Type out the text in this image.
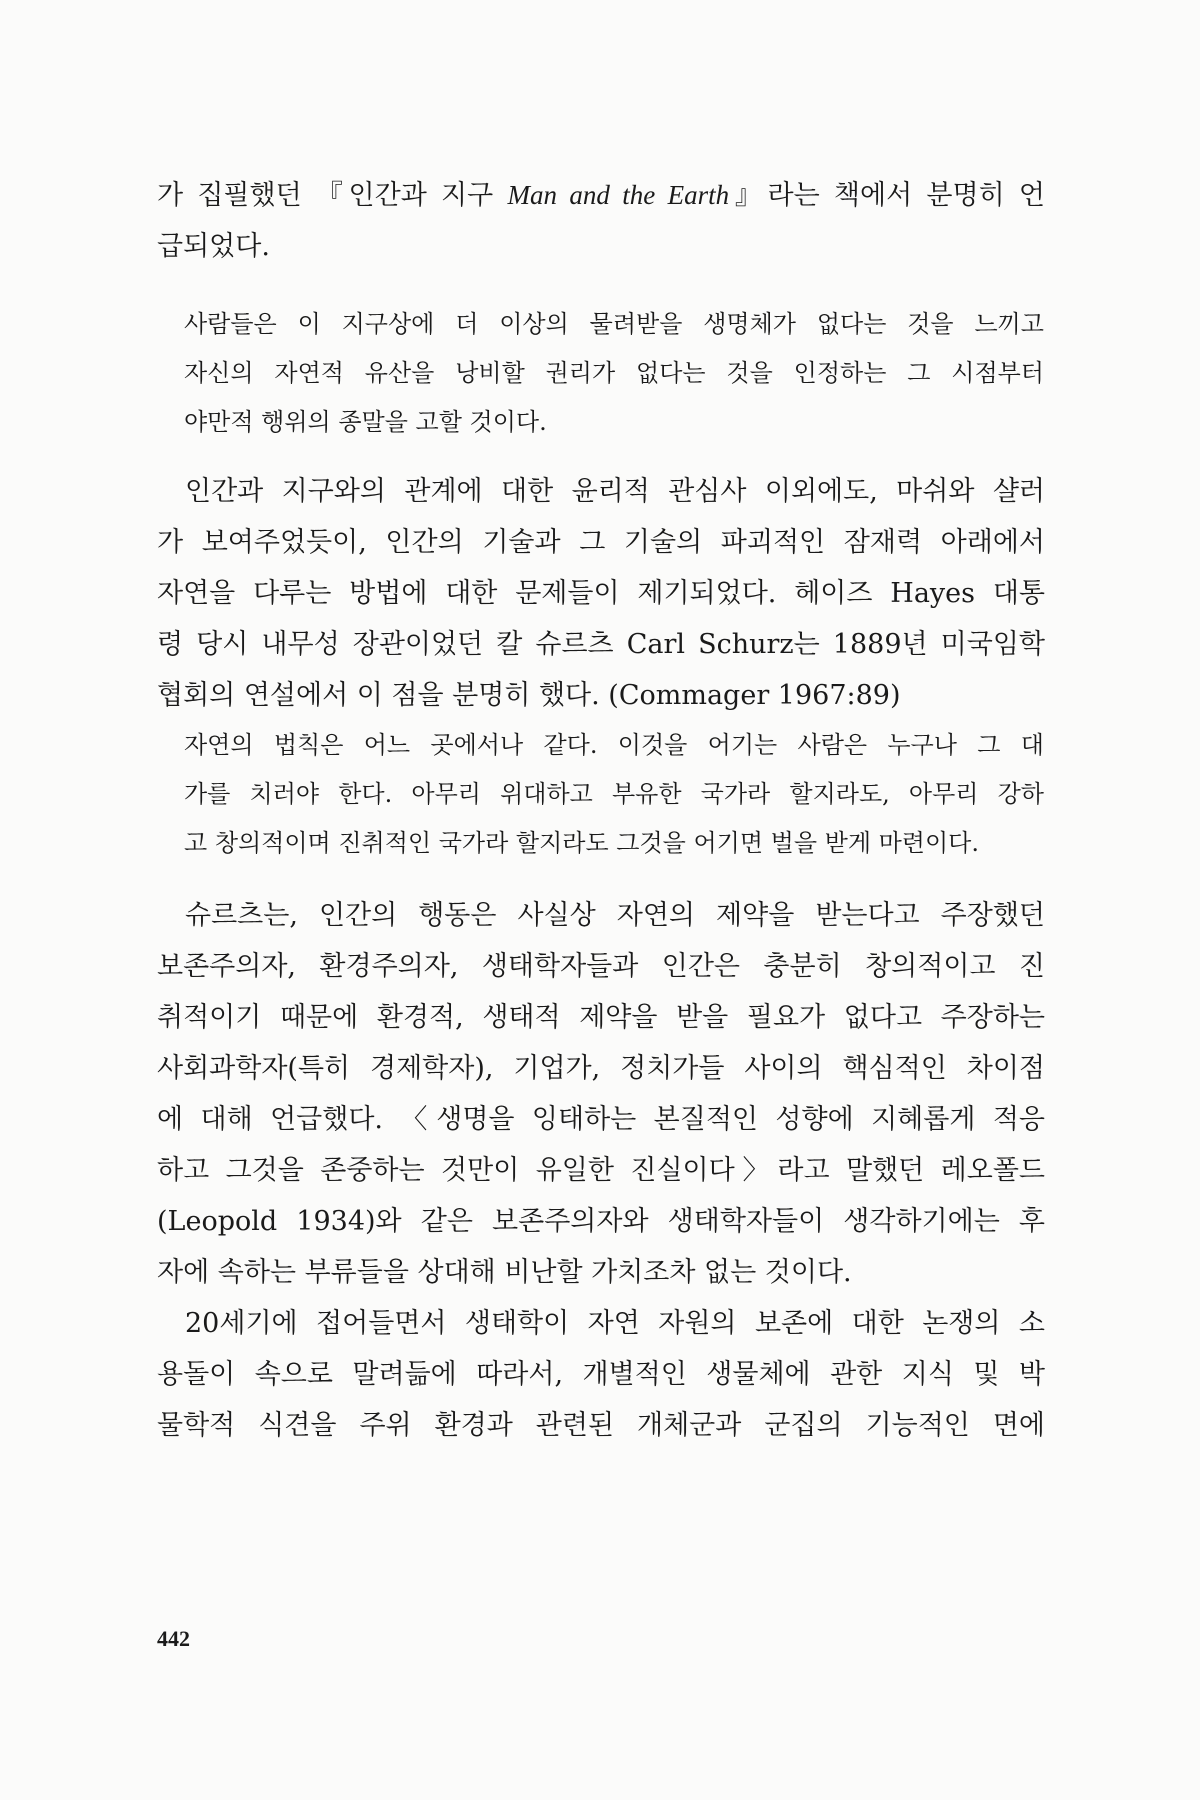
가 집필했던 『인간과 지구 Man and the Earth』라는 책에서 분명히 언
급되었다.
사람들은 이 지구상에 더 이상의 물려받을 생명체가 없다는 것을 느끼고
자신의 자연적 유산을 낭비할 권리가 없다는 것을 인정하는 그 시점부터
야만적 행위의 종말을 고할 것이다.
인간과 지구와의 관계에 대한 윤리적 관심사 이외에도, 마쉬와 샬러
가 보여주었듯이, 인간의 기술과 그 기술의 파괴적인 잠재력 아래에서
자연을 다루는 방법에 대한 문제들이 제기되었다. 헤이즈 Hayes 대통
령 당시 내무성 장관이었던 칼 슈르츠 Carl Schurz는 1889년 미국임학
협회의 연설에서 이 점을 분명히 했다. (Commager 1967:89)
자연의 법칙은 어느 곳에서나 같다. 이것을 어기는 사람은 누구나 그 대
가를 치러야 한다. 아무리 위대하고 부유한 국가라 할지라도, 아무리 강하
고 창의적이며 진취적인 국가라 할지라도 그것을 어기면 벌을 받게 마련이다.
슈르츠는, 인간의 행동은 사실상 자연의 제약을 받는다고 주장했던
보존주의자, 환경주의자, 생태학자들과 인간은 충분히 창의적이고 진
취적이기 때문에 환경적, 생태적 제약을 받을 필요가 없다고 주장하는
사회과학자(특히 경제학자), 기업가, 정치가들 사이의 핵심적인 차이점
에 대해 언급했다. 〈생명을 잉태하는 본질적인 성향에 지혜롭게 적응
하고 그것을 존중하는 것만이 유일한 진실이다〉라고 말했던 레오폴드
(Leopold 1934)와 같은 보존주의자와 생태학자들이 생각하기에는 후
자에 속하는 부류들을 상대해 비난할 가치조차 없는 것이다.
20세기에 접어들면서 생태학이 자연 자원의 보존에 대한 논쟁의 소
용돌이 속으로 말려듦에 따라서, 개별적인 생물체에 관한 지식 및 박
물학적 식견을 주위 환경과 관련된 개체군과 군집의 기능적인 면에
442
